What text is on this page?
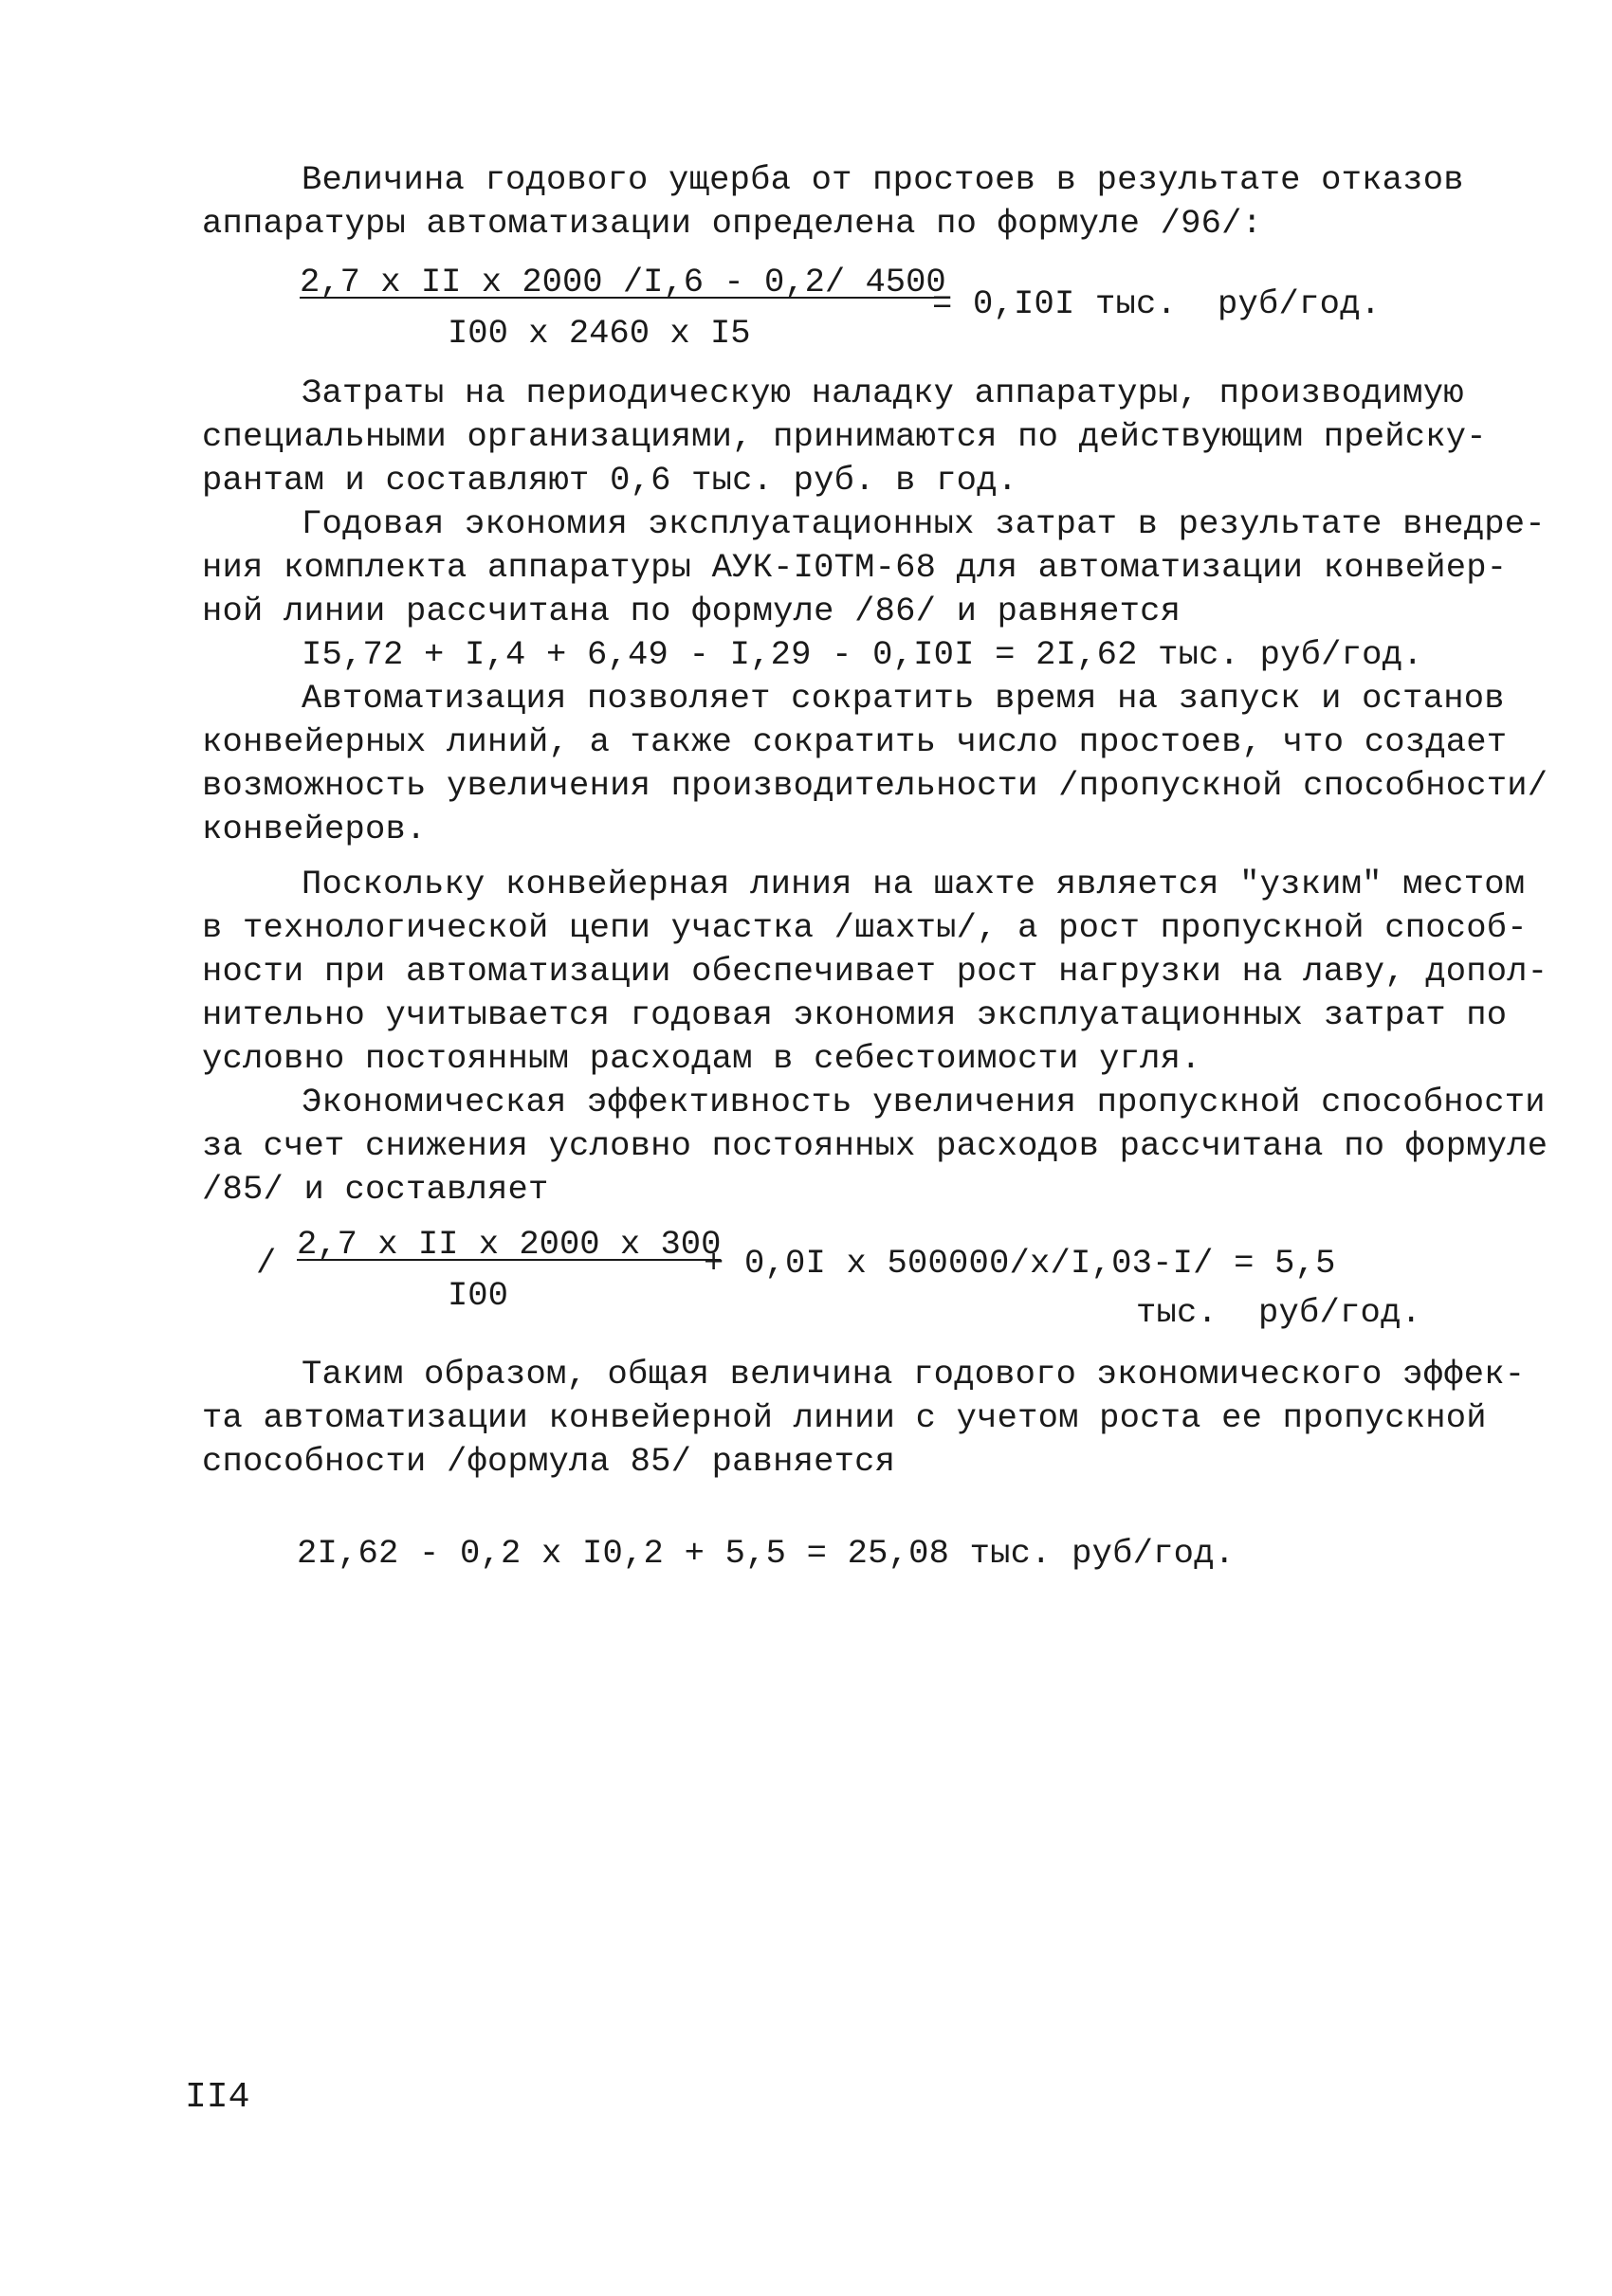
Величина годового ущерба от простоев в результате отказов
аппаратуры автоматизации определена по формуле /96/:
2,7 x II x 2000 /I,6 - 0,2/ 4500
I00 x 2460 x I5
= 0,I0I тыс.  руб/год.
Затраты на периодическую наладку аппаратуры, производимую
специальными организациями, принимаются по действующим прейску-
рантам и составляют 0,6 тыс. руб. в год.
Годовая экономия эксплуатационных затрат в результате внедре-
ния комплекта аппаратуры АУК-I0ТМ-68 для автоматизации конвейер-
ной линии рассчитана по формуле /86/ и равняется
I5,72 + I,4 + 6,49 - I,29 - 0,I0I = 2I,62 тыс. руб/год.
Автоматизация позволяет сократить время на запуск и останов
конвейерных линий, а также сократить число простоев, что создает
возможность увеличения производительности /пропускной способности/
конвейеров.
Поскольку конвейерная линия на шахте является "узким" местом
в технологической цепи участка /шахты/, а рост пропускной способ-
ности при автоматизации обеспечивает рост нагрузки на лаву, допол-
нительно учитывается годовая экономия эксплуатационных затрат по
условно постоянным расходам в себестоимости угля.
Экономическая эффективность увеличения пропускной способности
за счет снижения условно постоянных расходов рассчитана по формуле
/85/ и составляет
/ 2,7 x II x 2000 x 300
I00
+ 0,0I x 500000/x/I,03-I/ = 5,5
тыс.  руб/год.
Таким образом, общая величина годового экономического эффек-
та автоматизации конвейерной линии с учетом роста ее пропускной
способности /формула 85/ равняется
2I,62 - 0,2 x I0,2 + 5,5 = 25,08 тыс. руб/год.
II4
